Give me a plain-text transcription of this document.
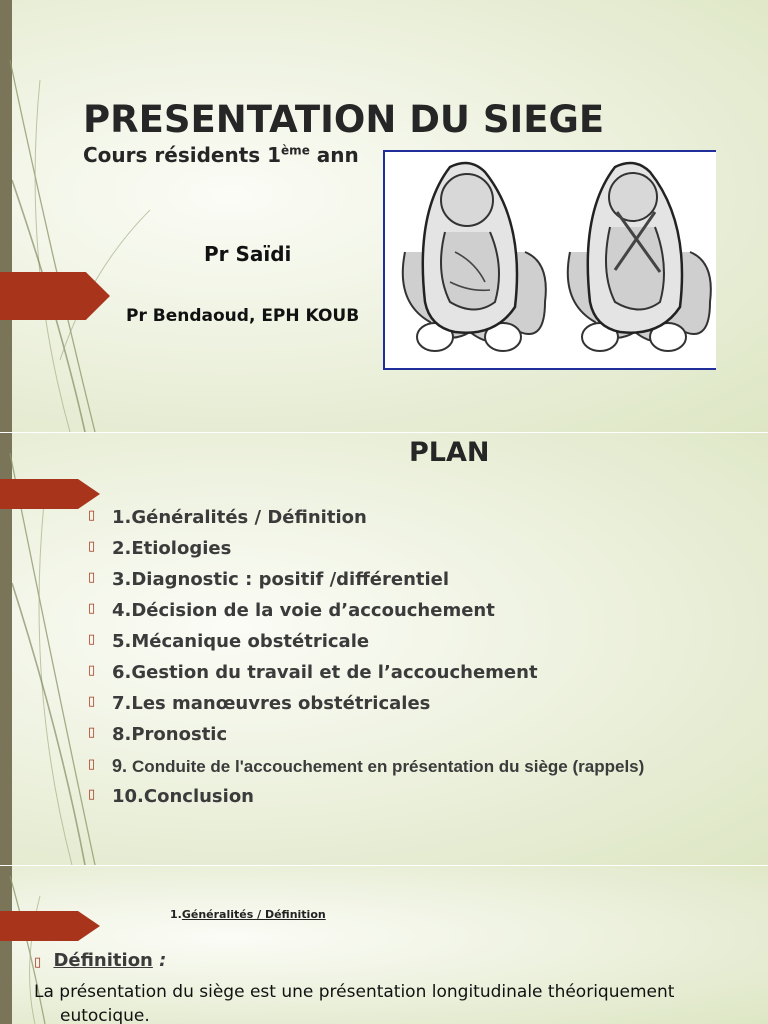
PRESENTATION DU SIEGE
Cours résidents 1ème ann
Pr Saïdi
Pr Bendaoud, EPH KOUB
PLAN
▯ 1.Généralités / Définition
▯ 2.Etiologies
▯ 3.Diagnostic : positif /différentiel
▯ 4.Décision de la voie d’accouchement
▯ 5.Mécanique obstétricale
▯ 6.Gestion du travail et de l’accouchement
▯ 7.Les manœuvres obstétricales
▯ 8.Pronostic
▯ 9. Conduite de l'accouchement en présentation du siège (rappels)
▯ 10.Conclusion
1.Généralités / Définition
▯ Définition :
La présentation du siège est une présentation longitudinale théoriquement
eutocique.
